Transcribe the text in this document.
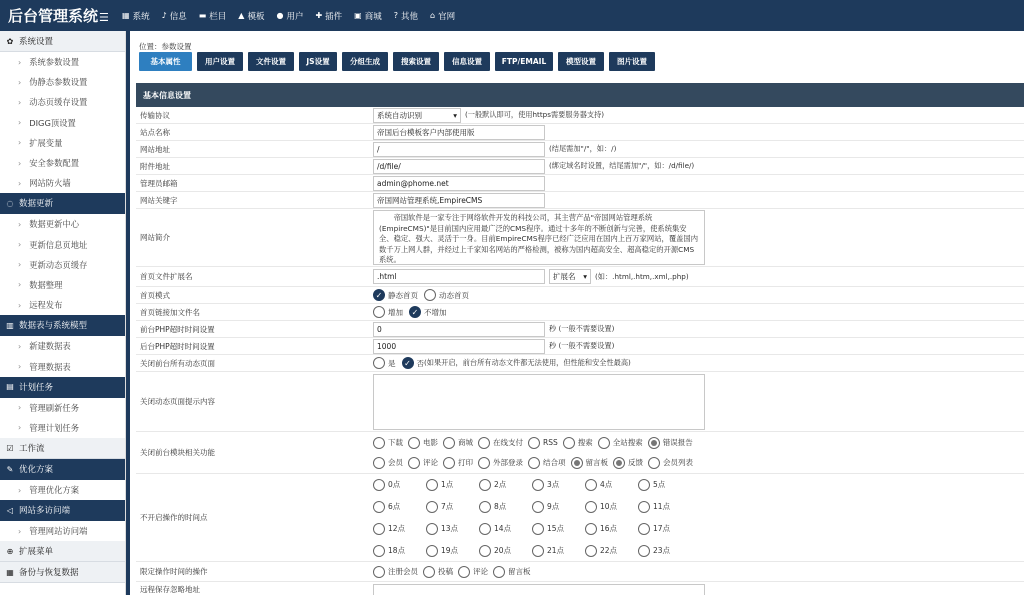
后台管理系统☰	▦ 系统 ♪ 信息 ▬ 栏目 ▲ 模板 ● 用户 ✚ 插件 ▣ 商城 ? 其他 ⌂ 官网
✿ 系统设置
› 系统参数设置
› 伪静态参数设置
› 动态页缓存设置
› DIGG顶设置
› 扩展变量
› 安全参数配置
› 网站防火墙
◌ 数据更新
› 数据更新中心
› 更新信息页地址
› 更新动态页缓存
› 数据整理
› 远程发布
▥ 数据表与系统模型
› 新建数据表
› 管理数据表
▤ 计划任务
› 管理刷新任务
› 管理计划任务
☑ 工作流
✎ 优化方案
› 管理优化方案
◁ 网站多访问端
› 管理网站访问端
⊕ 扩展菜单
▦ 备份与恢复数据
位置：参数设置
基本属性	用户设置	文件设置	JS设置	分组生成	搜索设置	信息设置	FTP/EMAIL	模型设置	图片设置
基本信息设置
传输协议	系统自动识别	▾ (一般默认即可，使用https需要服务器支持)
站点名称	帝国后台模板客户内部使用版
网站地址	/	(结尾需加"/"，如：/)
附件地址	/d/file/	(绑定域名时设置，结尾需加"/"，如：/d/file/)
管理员邮箱	admin@phome.net
网站关键字	帝国网站管理系统,EmpireCMS
网站简介
帝国软件是一家专注于网络软件开发的科技公司，其主营产品"帝国网站管理系统(EmpireCMS)"是目前国内应用最广泛的CMS程序。通过十多年的不断创新与完善，使系统集安全、稳定、强大、灵活于一身。目前EmpireCMS程序已经广泛应用在国内上百万家网站，覆盖国内数千万上网人群，并经过上千家知名网站的严格检测，被称为国内超高安全、超高稳定的开源CMS系统。
首页文件扩展名	.html	扩展名 ▾ (如：.html,.htm,.xml,.php)
首页模式	✓ 静态首页	动态首页
首页链接加文件名	增加	✓ 不增加
前台PHP超时时间设置	0	秒 (一般不需要设置)
后台PHP超时时间设置	1000	秒 (一般不需要设置)
关闭前台所有动态页面	是	✓ 否 (如果开启，前台所有动态文件都无法使用，但性能和安全性最高)
关闭动态页面提示内容
关闭前台模块相关功能
下载	电影	商城	在线支付	RSS	搜索	全站搜索	错误报告
会员	评论	打印	外部登录	结合项	留言板	反馈	会员列表
不开启操作的时间点
0点	1点	2点	3点	4点	5点
6点	7点	8点	9点	10点	11点
12点	13点	14点	15点	16点	17点
18点	19点	20点	21点	22点	23点
限定操作时间的操作	注册会员	投稿	评论	留言板
远程保存忽略地址
